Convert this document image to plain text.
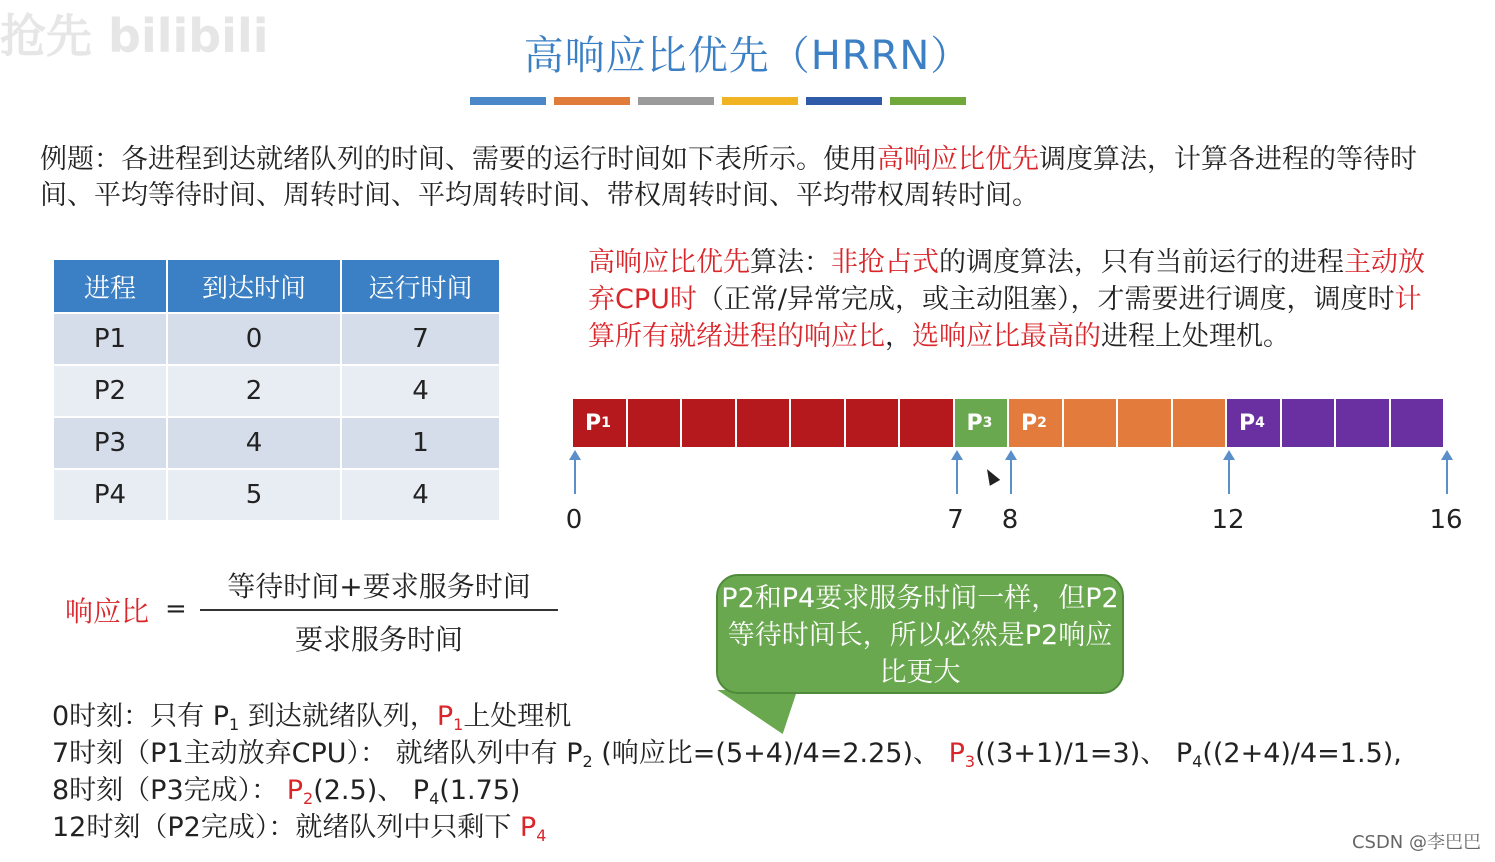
抢先 bilibili	高响应比优先（HRRN）
例题：各进程到达就绪队列的时间、需要的运行时间如下表所示。使用高响应比优先调度算法，计算各进程的等待时间、平均等待时间、周转时间、平均周转时间、带权周转时间、平均带权周转时间。
进程	到达时间	运行时间
P1	0	7
P2	2	4
P3	4	1
P4	5	4
高响应比优先算法：非抢占式的调度算法，只有当前运行的进程主动放弃CPU时（正常/异常完成，或主动阻塞），才需要进行调度，调度时计算所有就绪进程的响应比，选响应比最高的进程上处理机。
P 1	P 3 P 2	P 4
0	7 8	12	16
响应比 =
等待时间+要求服务时间
要求服务时间
P2和P4要求服务时间一样，但P2等待时间长，所以必然是P2响应比更大
0时刻：只有 $P_1$ 到达就绪队列，$P_1$上处理机
7时刻（P1主动放弃CPU）： 就绪队列中有 $P_2$ (响应比=(5+4)/4=2.25)、 $P_3((3+1)/1=3)$、 $P_4((2+4)/4=1.5)$,
8时刻（P3完成）： $P_2(2.5)$、 $P_4(1.75)$
12时刻（P2完成）：就绪队列中只剩下 $P_4$	CSDN @李巴巴
